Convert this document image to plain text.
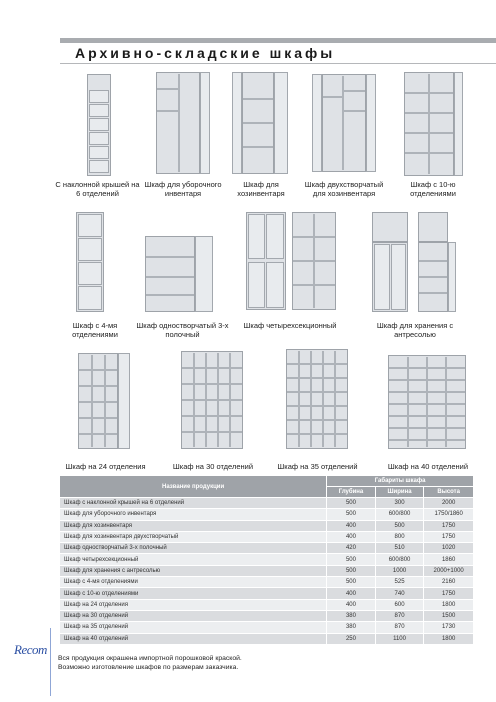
Архивно-складские шкафы
С наклонной крышей на 6 отделений
Шкаф для уборочного инвентаря
Шкаф для хозинвентаря
Шкаф двухстворчатый для хозинвентаря
Шкаф с 10-ю отделениями
Шкаф с 4-мя отделениями
Шкаф одностворчатый 3-х полочный
Шкаф четырехсекционный	Шкаф для хранения с антресолью
Шкаф на 24 отделения	Шкаф на 30 отделений	Шкаф на 35 отделений	Шкаф на 40 отделений
Название продукции	Габариты шкафа		
	Глубина	Ширина	Высота
Шкаф с наклонной крышей на 6 отделений	500	300	2000
Шкаф для уборочного инвентаря	500	600/800	1750/1860
Шкаф для хозинвентаря	400	500	1750
Шкаф для хозинвентаря двухстворчатый	400	800	1750
Шкаф одностворчатый 3-х полочный	420	510	1020
Шкаф четырехсекционный	500	600/800	1860
Шкаф для хранения с антресолью	500	1000	2000+1000
Шкаф с 4-мя отделениями	500	525	2160
Шкаф с 10-ю отделениями	400	740	1750
Шкаф на 24 отделения	400	600	1800
Шкаф на 30 отделений	380	870	1500
Шкаф на 35 отделений	380	870	1730
Шкаф на 40 отделений	250	1100	1800
Вся продукция окрашена импортной порошковой краской.
Возможно изготовление шкафов по размерам заказчика.
Recom
